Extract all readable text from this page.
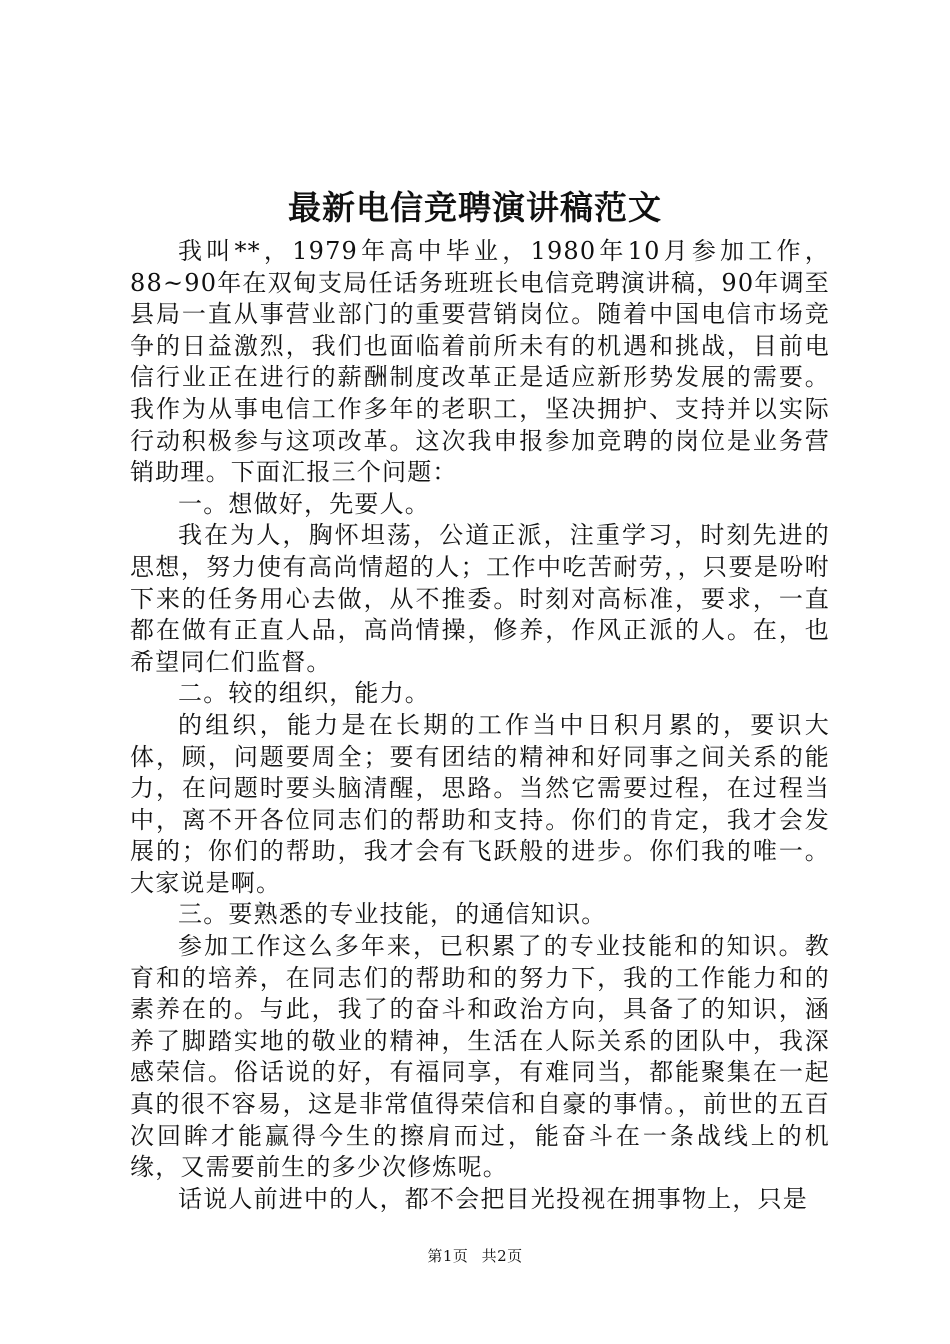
最新电信竞聘演讲稿范文

我叫**，1979年高中毕业，1980年10月参加工作，88~90年在双甸支局任话务班班长电信竞聘演讲稿，90年调至县局一直从事营业部门的重要营销岗位。随着中国电信市场竞争的日益激烈，我们也面临着前所未有的机遇和挑战，目前电信行业正在进行的薪酬制度改革正是适应新形势发展的需要。我作为从事电信工作多年的老职工，坚决拥护、支持并以实际行动积极参与这项改革。这次我申报参加竞聘的岗位是业务营销助理。下面汇报三个问题：

一。想做好，先要人。

我在为人，胸怀坦荡，公道正派，注重学习，时刻先进的思想，努力使有高尚情超的人；工作中吃苦耐劳，，只要是吩咐下来的任务用心去做，从不推委。时刻对高标准，要求，一直都在做有正直人品，高尚情操，修养，作风正派的人。在，也希望同仁们监督。

二。较的组织，能力。

的组织，能力是在长期的工作当中日积月累的，要识大体，顾，问题要周全；要有团结的精神和好同事之间关系的能力，在问题时要头脑清醒，思路。当然它需要过程，在过程当中，离不开各位同志们的帮助和支持。你们的肯定，我才会发展的；你们的帮助，我才会有飞跃般的进步。你们我的唯一。大家说是啊。

三。要熟悉的专业技能，的通信知识。

参加工作这么多年来，已积累了的专业技能和的知识。教育和的培养，在同志们的帮助和的努力下，我的工作能力和的素养在的。与此，我了的奋斗和政治方向，具备了的知识，涵养了脚踏实地的敬业的精神，生活在人际关系的团队中，我深感荣信。俗话说的好，有福同享，有难同当，都能聚集在一起真的很不容易，这是非常值得荣信和自豪的事情。，前世的五百次回眸才能赢得今生的擦肩而过，能奋斗在一条战线上的机缘，又需要前生的多少次修炼呢。

话说人前进中的人，都不会把目光投视在拥事物上，只是

第1页 共2页
